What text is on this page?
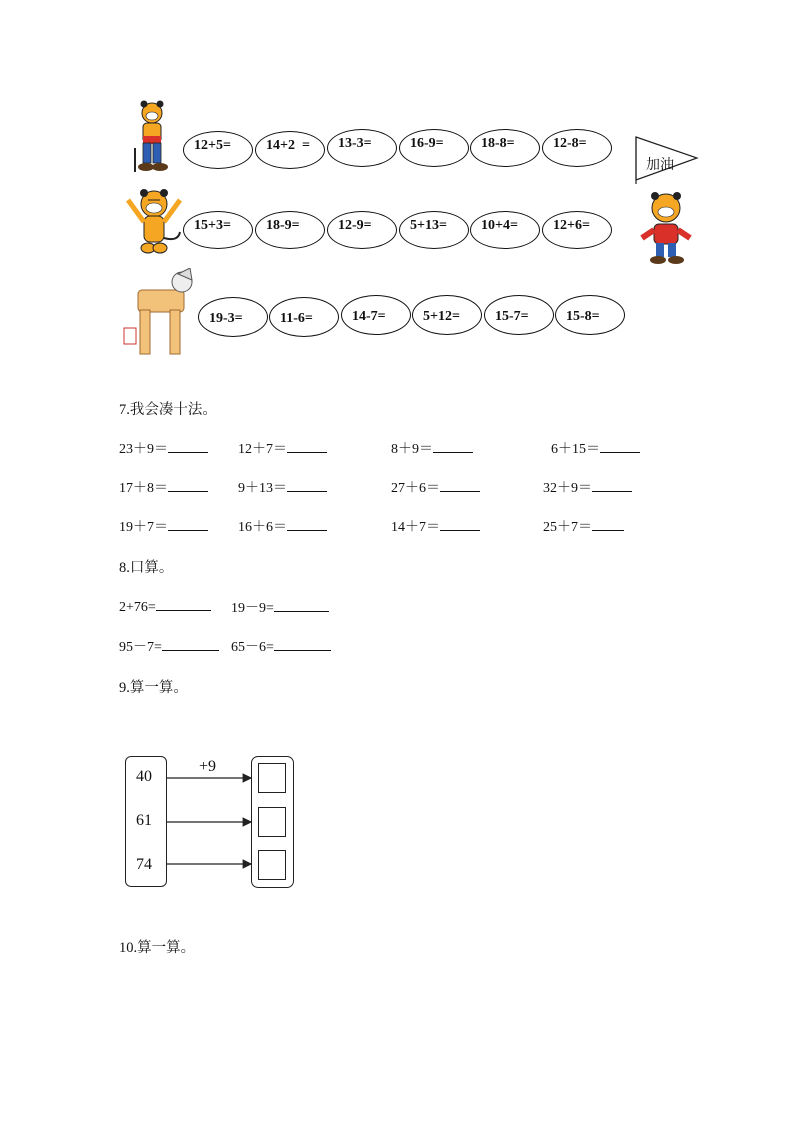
12+5=	14+2  = 13-3=	16-9=	18-8=	12-8=
15+3=	18-9=	12-9=	5+13= 10+4=	12+6=
19-3=	11-6=	14-7=	5+12=	15-7=	15-8=
加油
7.我会凑十法。
23＋9＝	12＋7＝	8＋9＝	6＋15＝
17＋8＝	9＋13＝	27＋6＝	32＋9＝
19＋7＝	16＋6＝	14＋7＝	25＋7＝
8.口算。
2+76=	19－9=
95－7=	65－6=
9.算一算。
40
61
74
+9
10.算一算。
